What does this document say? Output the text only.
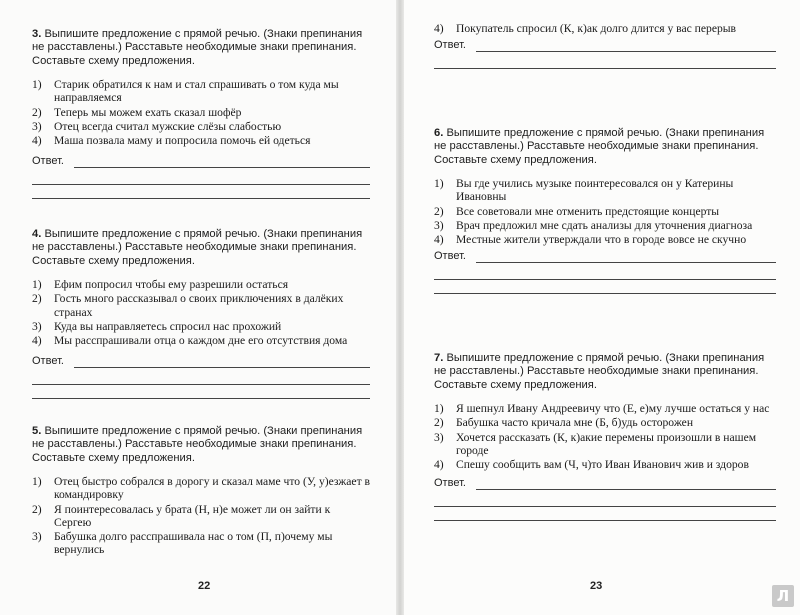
3. Выпишите предложение с прямой речью. (Знаки препинания не расставлены.) Расставьте необходимые знаки препинания. Составьте схему предложения.

1) Старик обратился к нам и стал спрашивать о том куда мы направляемся
2) Теперь мы можем ехать сказал шофёр
3) Отец всегда считал мужские слёзы слабостью
4) Маша позвала маму и попросила помочь ей одеться
Ответ.

4. Выпишите предложение с прямой речью. (Знаки препинания не расставлены.) Расставьте необходимые знаки препинания. Составьте схему предложения.

1) Ефим попросил чтобы ему разрешили остаться
2) Гость много рассказывал о своих приключениях в далёких странах
3) Куда вы направляетесь спросил нас прохожий
4) Мы расспрашивали отца о каждом дне его отсутствия дома
Ответ.

5. Выпишите предложение с прямой речью. (Знаки препинания не расставлены.) Расставьте необходимые знаки препинания. Составьте схему предложения.

1) Отец быстро собрался в дорогу и сказал маме что (У, у)езжает в командировку
2) Я поинтересовалась у брата (Н, н)е может ли он зайти к Сергею
3) Бабушка долго расспрашивала нас о том (П, п)очему мы вернулись
22
4) Покупатель спросил (К, к)ак долго длится у вас перерыв
Ответ.

6. Выпишите предложение с прямой речью. (Знаки препинания не расставлены.) Расставьте необходимые знаки препинания. Составьте схему предложения.

1) Вы где учились музыке поинтересовался он у Катерины Ивановны
2) Все советовали мне отменить предстоящие концерты
3) Врач предложил мне сдать анализы для уточнения диагноза
4) Местные жители утверждали что в городе вовсе не скучно
Ответ.

7. Выпишите предложение с прямой речью. (Знаки препинания не расставлены.) Расставьте необходимые знаки препинания. Составьте схему предложения.

1) Я шепнул Ивану Андреевичу что (Е, е)му лучше остаться у нас
2) Бабушка часто кричала мне (Б, б)удь осторожен
3) Хочется рассказать (К, к)акие перемены произошли в нашем городе
4) Спешу сообщить вам (Ч, ч)то Иван Иванович жив и здоров
Ответ.
23
Л
